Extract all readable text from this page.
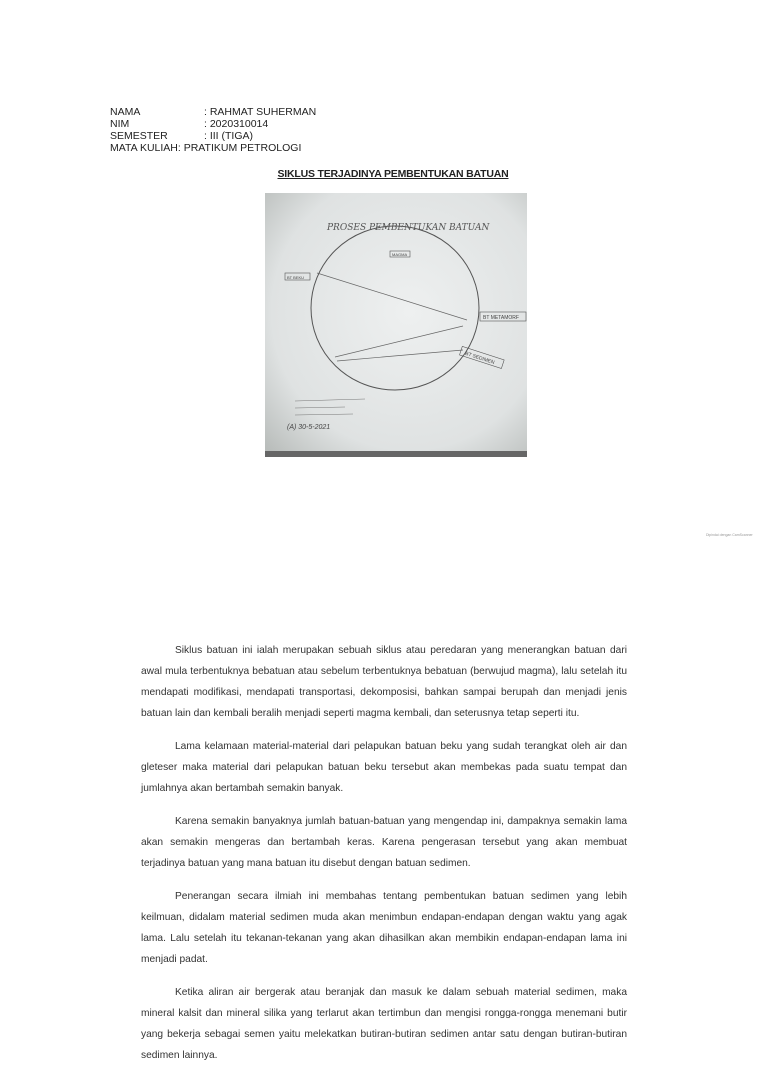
NAMA	: RAHMAT SUHERMAN
NIM	: 2020310014
SEMESTER	: III (TIGA)
MATA KULIAH : PRATIKUM PETROLOGI
SIKLUS TERJADINYA PEMBENTUKAN BATUAN
PROSES PEMBENTUKAN BATUAN
MAGMA
BT BEKU
BT METAMORF
BT SEDIMEN
(A) 30-5-2021
Dipindai dengan CamScanner

Siklus batuan ini ialah merupakan sebuah siklus atau peredaran yang menerangkan batuan dari awal mula terbentuknya bebatuan atau sebelum terbentuknya bebatuan (berwujud magma), lalu setelah itu mendapati modifikasi, mendapati transportasi, dekomposisi, bahkan sampai berupah dan menjadi jenis batuan lain dan kembali beralih menjadi seperti magma kembali, dan seterusnya tetap seperti itu.

Lama kelamaan material-material dari pelapukan batuan beku yang sudah terangkat oleh air dan gleteser maka material dari pelapukan batuan beku tersebut akan membekas pada suatu tempat dan jumlahnya akan bertambah semakin banyak.

Karena semakin banyaknya jumlah batuan-batuan yang mengendap ini, dampaknya semakin lama akan semakin mengeras dan bertambah keras. Karena pengerasan tersebut yang akan membuat terjadinya batuan yang mana batuan itu disebut dengan batuan sedimen.

Penerangan secara ilmiah ini membahas tentang pembentukan batuan sedimen yang lebih keilmuan, didalam material sedimen muda akan menimbun endapan-endapan dengan waktu yang agak lama. Lalu setelah itu tekanan-tekanan yang akan dihasilkan akan membikin endapan-endapan lama ini menjadi padat.

Ketika aliran air bergerak atau beranjak dan masuk ke dalam sebuah material sedimen, maka mineral kalsit dan mineral silika yang terlarut akan tertimbun dan mengisi rongga-rongga menemani butir yang bekerja sebagai semen yaitu melekatkan butiran-butiran sedimen antar satu dengan butiran-butiran sedimen lainnya.
